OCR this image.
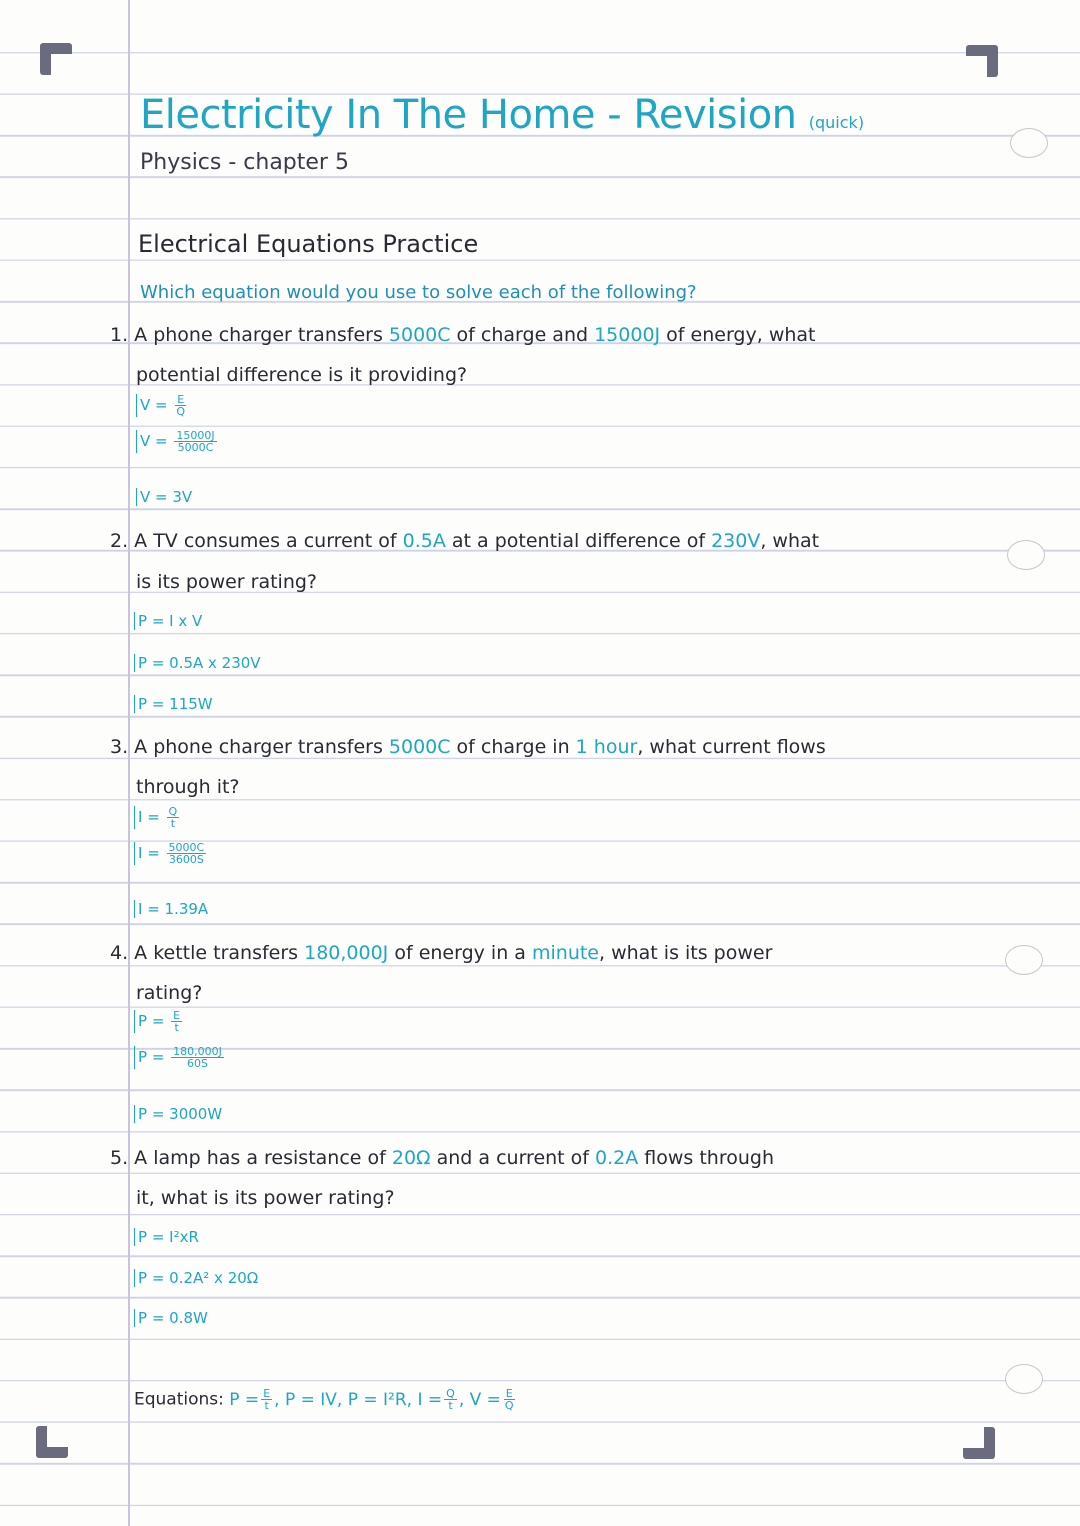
Electricity In The Home - Revision (quick)
Physics - chapter 5
Electrical Equations Practice
Which equation would you use to solve each of the following?
1. A phone charger transfers 5000C of charge and 15000J of energy, what
potential difference is it providing?
$V = \frac{E}{Q}$
$V = \frac{15000J}{5000C}$
V = 3V
2. A TV consumes a current of 0.5A at a potential difference of 230V, what
is its power rating?
P = I x V
P = 0.5A x 230V
P = 115W
3. A phone charger transfers 5000C of charge in 1 hour, what current flows
through it?
$I = \frac{Q}{t}$
$I = \frac{5000C}{3600S}$
I = 1.39A
4. A kettle transfers 180,000J of energy in a minute, what is its power
rating?
$P = \frac{E}{t}$
$P = \frac{180,000J}{60S}$
P = 3000W
5. A lamp has a resistance of 20Ω and a current of 0.2A flows through
it, what is its power rating?
P = I²xR
P = 0.2A² x 20Ω
P = 0.8W
Equations: $P = \frac{E}{t}$ , P = IV, P = I²R, $I = \frac{Q}{t}$ , $V = \frac{E}{Q}$
